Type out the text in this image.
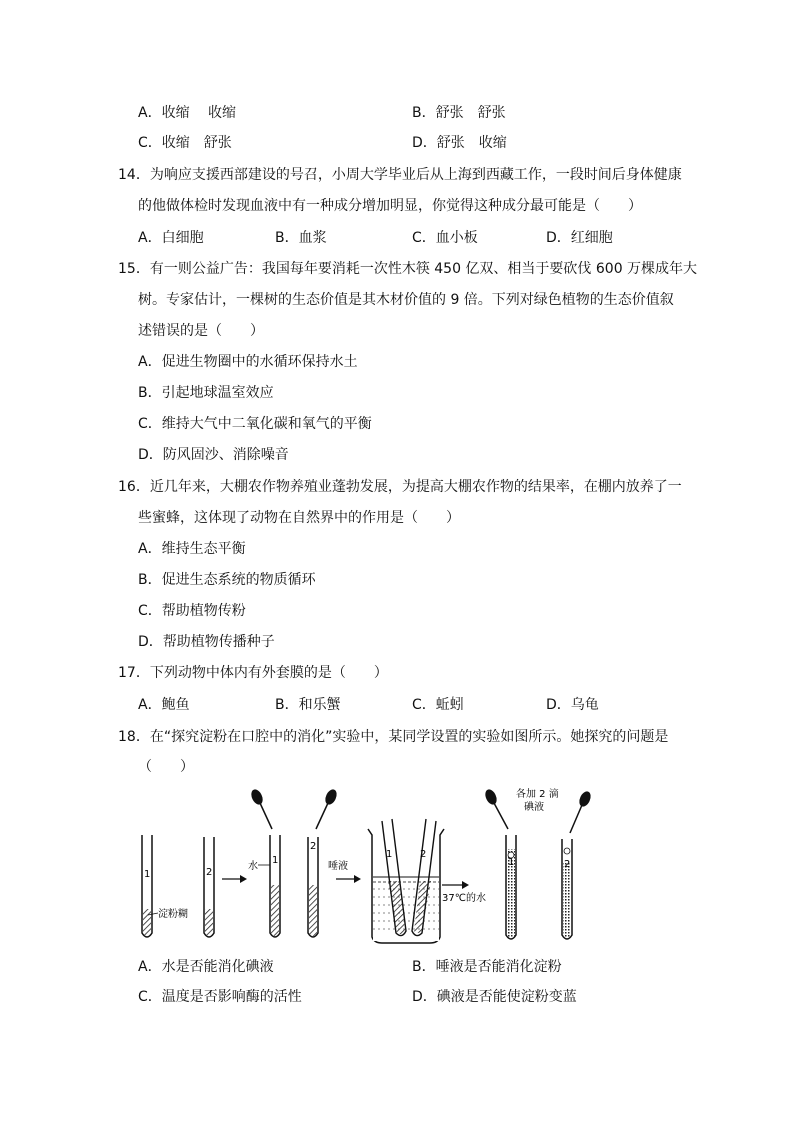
A．收缩　 收缩	B．舒张　舒张
C．收缩　舒张	D．舒张　收缩
14．为响应支援西部建设的号召，小周大学毕业后从上海到西藏工作，一段时间后身体健康
的他做体检时发现血液中有一种成分增加明显，你觉得这种成分最可能是（　　）
A．白细胞	B．血浆	C．血小板	D．红细胞
15．有一则公益广告：我国每年要消耗一次性木筷 450 亿双、相当于要砍伐 600 万棵成年大
树。专家估计，一棵树的生态价值是其木材价值的 9 倍。下列对绿色植物的生态价值叙
述错误的是（　　）
A．促进生物圈中的水循环保持水土
B．引起地球温室效应
C．维持大气中二氧化碳和氧气的平衡
D．防风固沙、消除噪音
16．近几年来，大棚农作物养殖业蓬勃发展，为提高大棚农作物的结果率，在棚内放养了一
些蜜蜂，这体现了动物在自然界中的作用是（　　）
A．维持生态平衡
B．促进生态系统的物质循环
C．帮助植物传粉
D．帮助植物传播种子
17．下列动物中体内有外套膜的是（　　）
A．鲍鱼	B．和乐蟹	C．蚯蚓	D．乌龟
18．在“探究淀粉在口腔中的消化”实验中，某同学设置的实验如图所示。她探究的问题是
（　　）
1
淀粉糊
2
1
水
2
唾液
1	2
37℃的水
各加 2 滴
碘液
1	2
A．水是否能消化碘液	B．唾液是否能消化淀粉
C．温度是否影响酶的活性	D．碘液是否能使淀粉变蓝
